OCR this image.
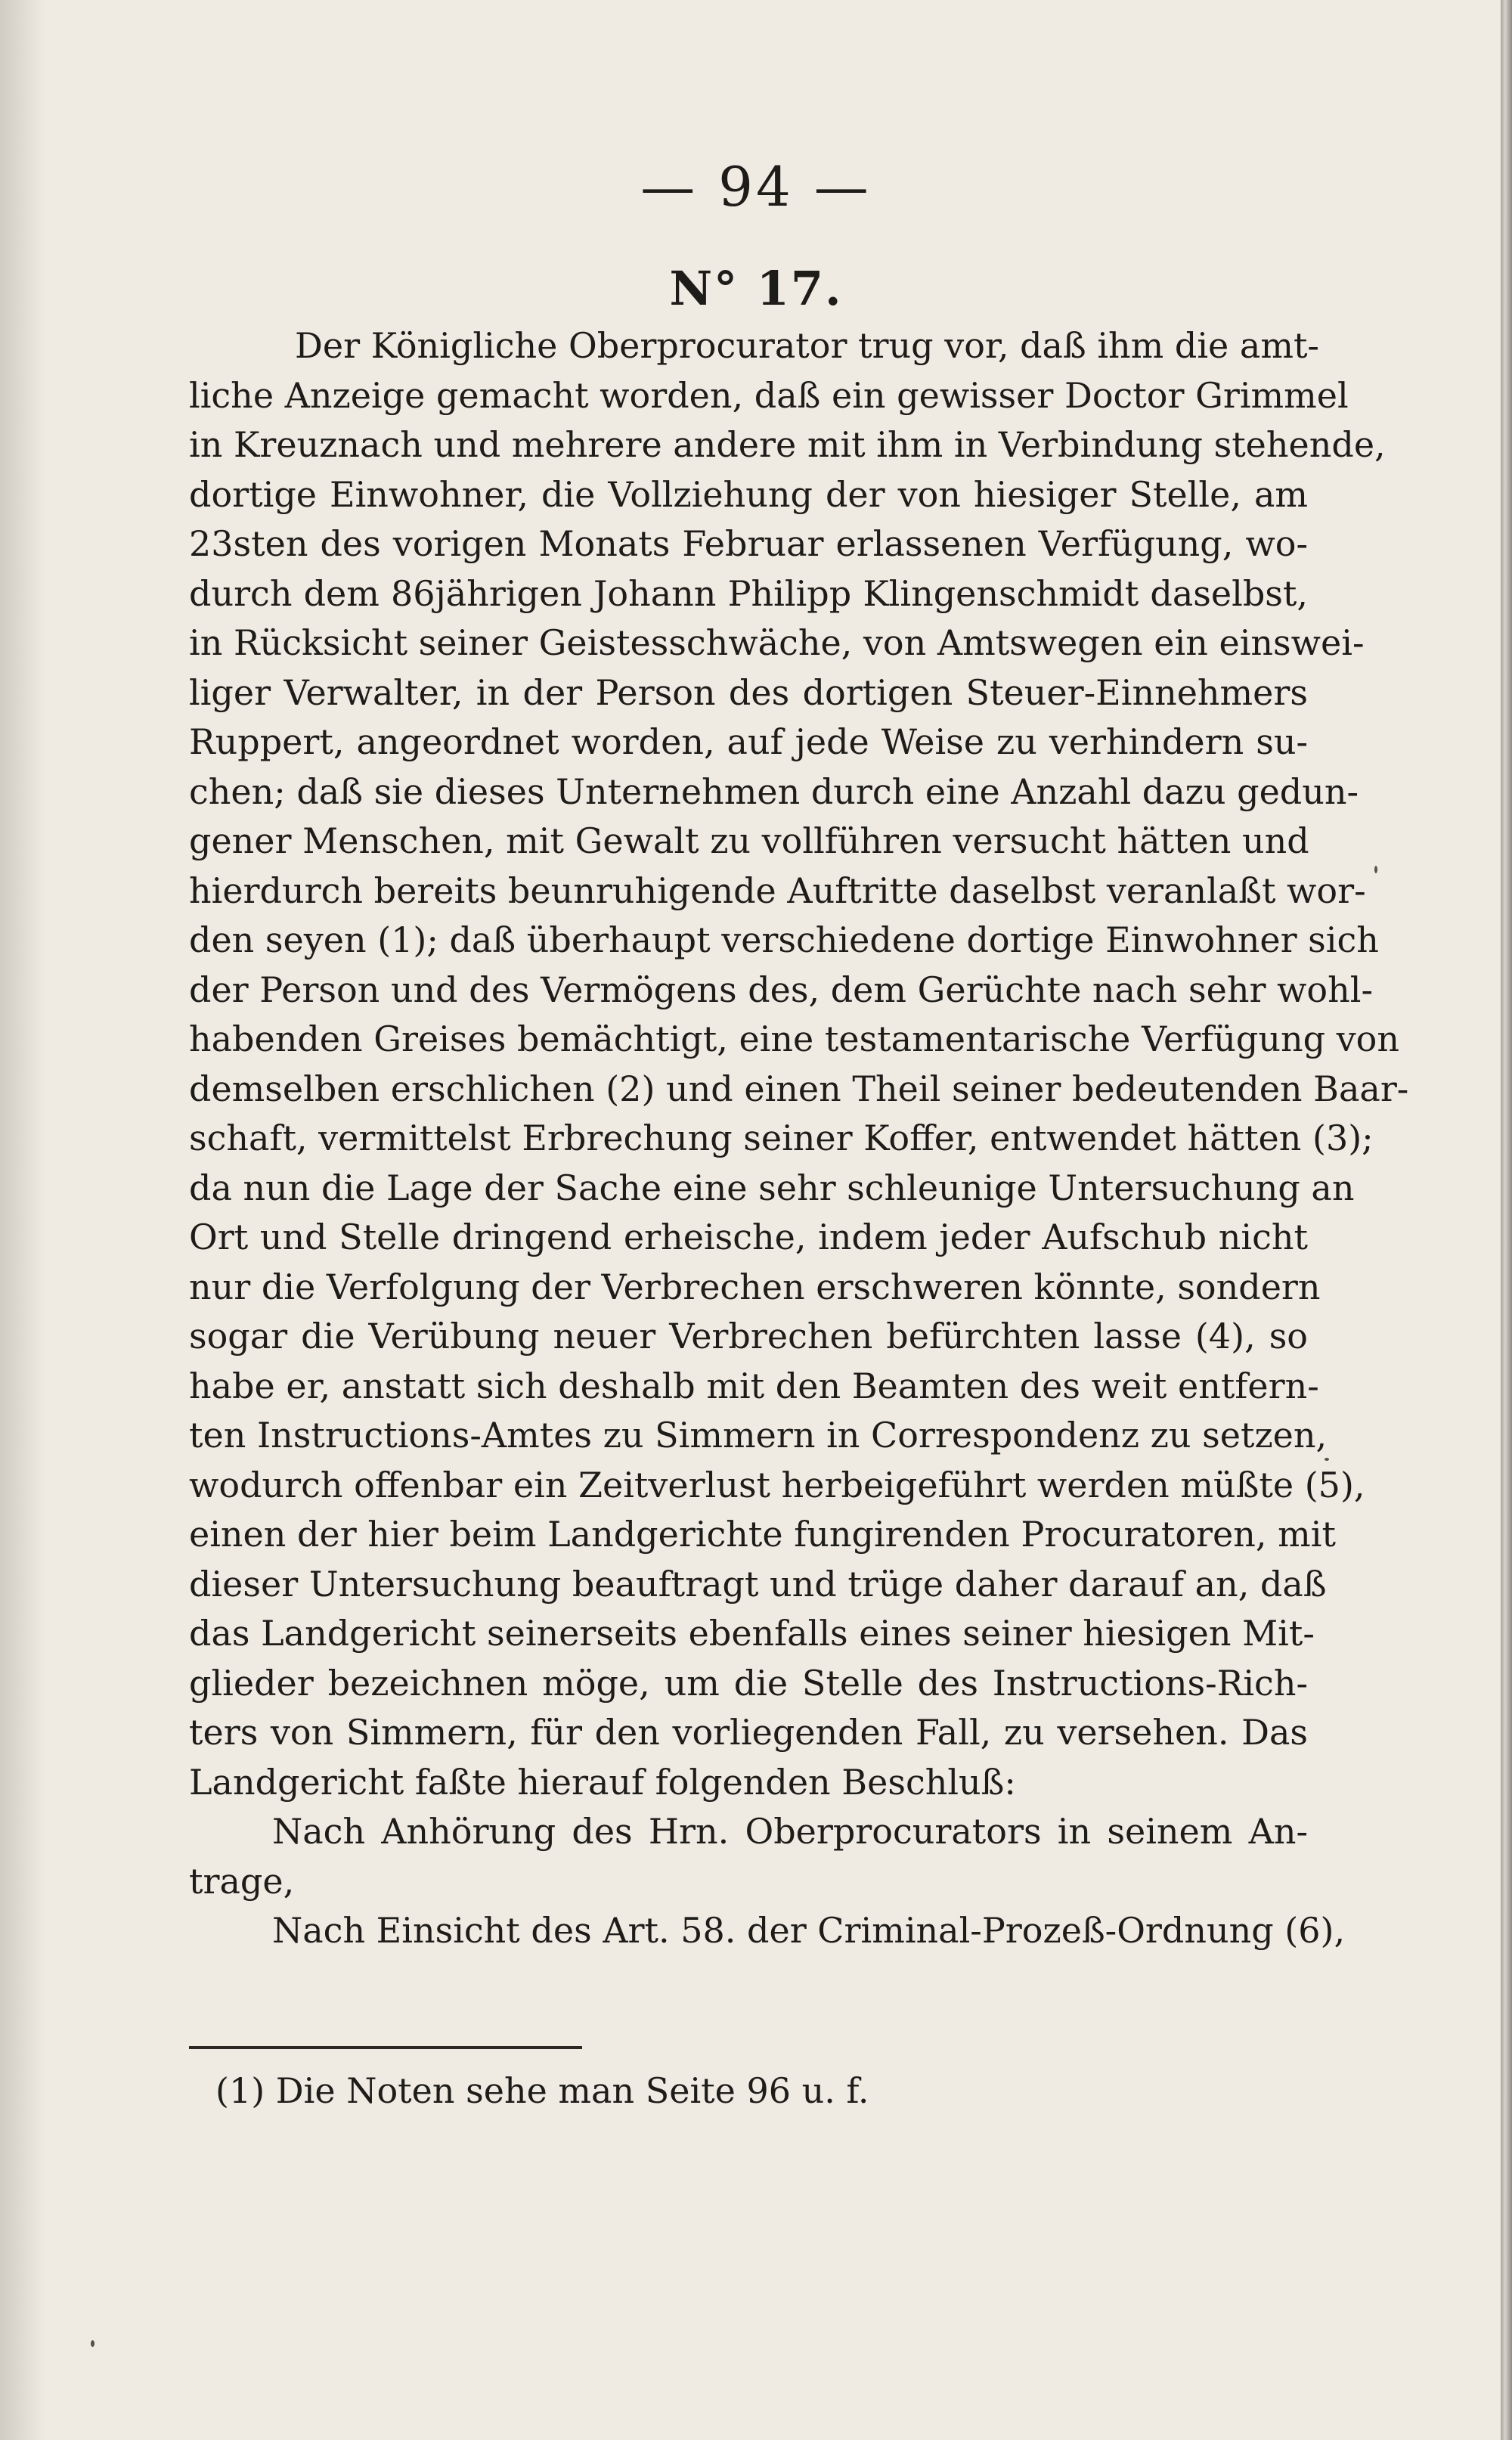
— 94 —
N° 17.
Der Königliche Oberprocurator trug vor, daß ihm die amt-
liche Anzeige gemacht worden, daß ein gewisser Doctor Grimmel
in Kreuznach und mehrere andere mit ihm in Verbindung stehende,
dortige Einwohner, die Vollziehung der von hiesiger Stelle, am
23sten des vorigen Monats Februar erlassenen Verfügung, wo-
durch dem 86jährigen Johann Philipp Klingenschmidt daselbst,
in Rücksicht seiner Geistesschwäche, von Amtswegen ein einswei-
liger Verwalter, in der Person des dortigen Steuer-Einnehmers
Ruppert, angeordnet worden, auf jede Weise zu verhindern su-
chen; daß sie dieses Unternehmen durch eine Anzahl dazu gedun-
gener Menschen, mit Gewalt zu vollführen versucht hätten und
hierdurch bereits beunruhigende Auftritte daselbst veranlaßt wor-
den seyen (1); daß überhaupt verschiedene dortige Einwohner sich
der Person und des Vermögens des, dem Gerüchte nach sehr wohl-
habenden Greises bemächtigt, eine testamentarische Verfügung von
demselben erschlichen (2) und einen Theil seiner bedeutenden Baar-
schaft, vermittelst Erbrechung seiner Koffer, entwendet hätten (3);
da nun die Lage der Sache eine sehr schleunige Untersuchung an
Ort und Stelle dringend erheische, indem jeder Aufschub nicht
nur die Verfolgung der Verbrechen erschweren könnte, sondern
sogar die Verübung neuer Verbrechen befürchten lasse (4), so
habe er, anstatt sich deshalb mit den Beamten des weit entfern-
ten Instructions-Amtes zu Simmern in Correspondenz zu setzen,
wodurch offenbar ein Zeitverlust herbeigeführt werden müßte (5),
einen der hier beim Landgerichte fungirenden Procuratoren, mit
dieser Untersuchung beauftragt und trüge daher darauf an, daß
das Landgericht seinerseits ebenfalls eines seiner hiesigen Mit-
glieder bezeichnen möge, um die Stelle des Instructions-Rich-
ters von Simmern, für den vorliegenden Fall, zu versehen. Das
Landgericht faßte hierauf folgenden Beschluß:
Nach Anhörung des Hrn. Oberprocurators in seinem An-
trage,
Nach Einsicht des Art. 58. der Criminal-Prozeß-Ordnung (6),
(1) Die Noten sehe man Seite 96 u. f.
